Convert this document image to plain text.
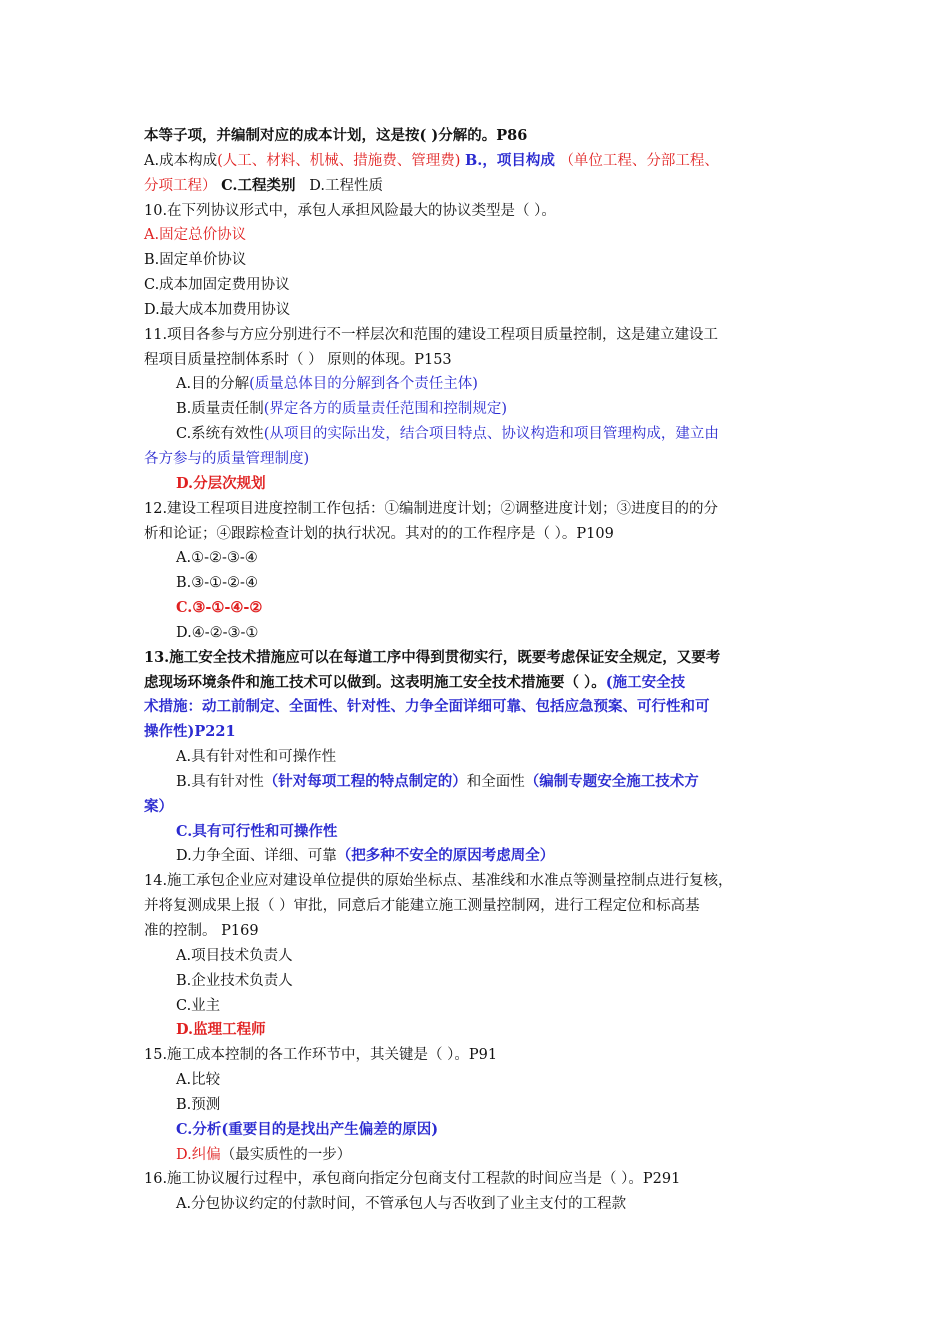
本等子项，并编制对应的成本计划，这是按( )分解的。P86
A.成本构成(人工、材料、机械、措施费、管理费) B.，项目构成 （单位工程、分部工程、
分项工程） C.工程类别 D.工程性质
10.在下列协议形式中，承包人承担风险最大的协议类型是（ ）。
A.固定总价协议
B.固定单价协议
C.成本加固定费用协议
D.最大成本加费用协议
11.项目各参与方应分别进行不一样层次和范围的建设工程项目质量控制，这是建立建设工
程项目质量控制体系时（ ） 原则的体现。P153
A.目的分解(质量总体目的分解到各个责任主体)
B.质量责任制(界定各方的质量责任范围和控制规定)
C.系统有效性(从项目的实际出发，结合项目特点、协议构造和项目管理构成，建立由
各方参与的质量管理制度)
D.分层次规划
12.建设工程项目进度控制工作包括：①编制进度计划；②调整进度计划；③进度目的的分
析和论证；④跟踪检查计划的执行状况。其对的的工作程序是（ ）。P109
A.①-②-③-④
B.③-①-②-④
C.③-①-④-②
D.④-②-③-①
13.施工安全技术措施应可以在每道工序中得到贯彻实行，既要考虑保证安全规定，又要考
虑现场环境条件和施工技术可以做到。这表明施工安全技术措施要（ ）。(施工安全技
术措施：动工前制定、全面性、针对性、力争全面详细可靠、包括应急预案、可行性和可
操作性)P221
A.具有针对性和可操作性
B.具有针对性（针对每项工程的特点制定的）和全面性（编制专题安全施工技术方
案）
C.具有可行性和可操作性
D.力争全面、详细、可靠（把多种不安全的原因考虑周全）
14.施工承包企业应对建设单位提供的原始坐标点、基准线和水准点等测量控制点进行复核，
并将复测成果上报（ ）审批，同意后才能建立施工测量控制网，进行工程定位和标高基
准的控制。 P169
A.项目技术负责人
B.企业技术负责人
C.业主
D.监理工程师
15.施工成本控制的各工作环节中，其关键是（ ）。P91
A.比较
B.预测
C.分析(重要目的是找出产生偏差的原因)
D.纠偏（最实质性的一步）
16.施工协议履行过程中，承包商向指定分包商支付工程款的时间应当是（ ）。P291
A.分包协议约定的付款时间，不管承包人与否收到了业主支付的工程款
